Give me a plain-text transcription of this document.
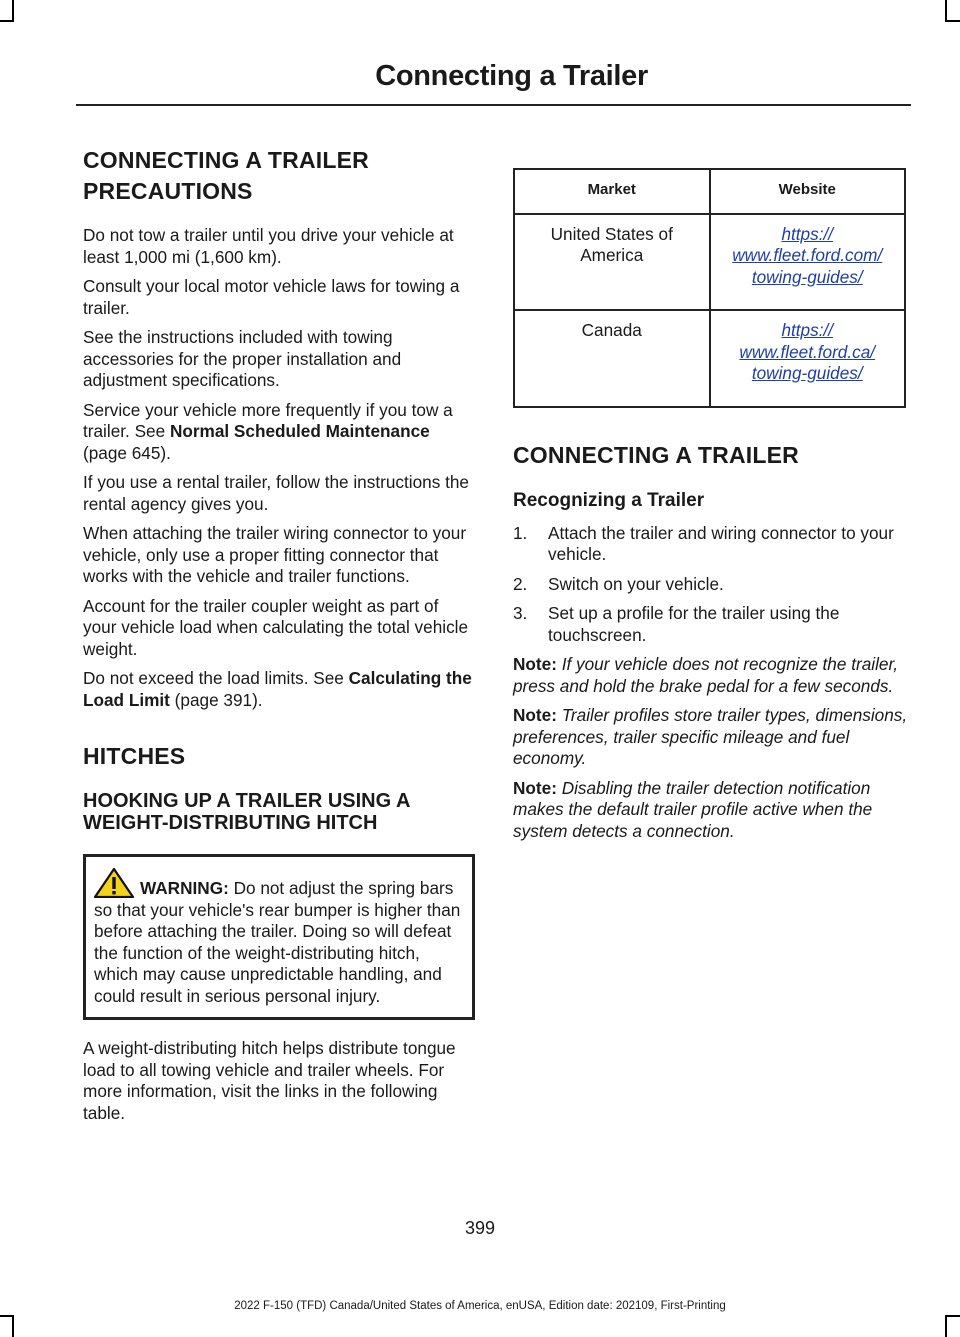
Connecting a Trailer
CONNECTING A TRAILER
PRECAUTIONS

Do not tow a trailer until you drive your vehicle at least 1,000 mi (1,600 km).

Consult your local motor vehicle laws for towing a trailer.

See the instructions included with towing accessories for the proper installation and adjustment specifications.

Service your vehicle more frequently if you tow a trailer. See Normal Scheduled Maintenance (page 645).

If you use a rental trailer, follow the instructions the rental agency gives you.

When attaching the trailer wiring connector to your vehicle, only use a proper fitting connector that works with the vehicle and trailer functions.

Account for the trailer coupler weight as part of your vehicle load when calculating the total vehicle weight.

Do not exceed the load limits. See Calculating the Load Limit (page 391).

HITCHES
HOOKING UP A TRAILER USING A WEIGHT-DISTRIBUTING HITCH
WARNING: Do not adjust the spring bars so that your vehicle's rear bumper is higher than before attaching the trailer. Doing so will defeat the function of the weight-distributing hitch, which may cause unpredictable handling, and could result in serious personal injury.

A weight-distributing hitch helps distribute tongue load to all towing vehicle and trailer wheels. For more information, visit the links in the following table.

Market	Website
United States of America	https://
www.fleet.ford.com/
towing-guides/

Canada	https://
www.fleet.ford.ca/
towing-guides/
CONNECTING A TRAILER
Recognizing a Trailer
1. Attach the trailer and wiring connector to your vehicle.
2. Switch on your vehicle.
3. Set up a profile for the trailer using the touchscreen.

Note: If your vehicle does not recognize the trailer, press and hold the brake pedal for a few seconds.

Note: Trailer profiles store trailer types, dimensions, preferences, trailer specific mileage and fuel economy.

Note: Disabling the trailer detection notification makes the default trailer profile active when the system detects a connection.

399
2022 F-150 (TFD) Canada/United States of America, enUSA, Edition date: 202109, First-Printing
